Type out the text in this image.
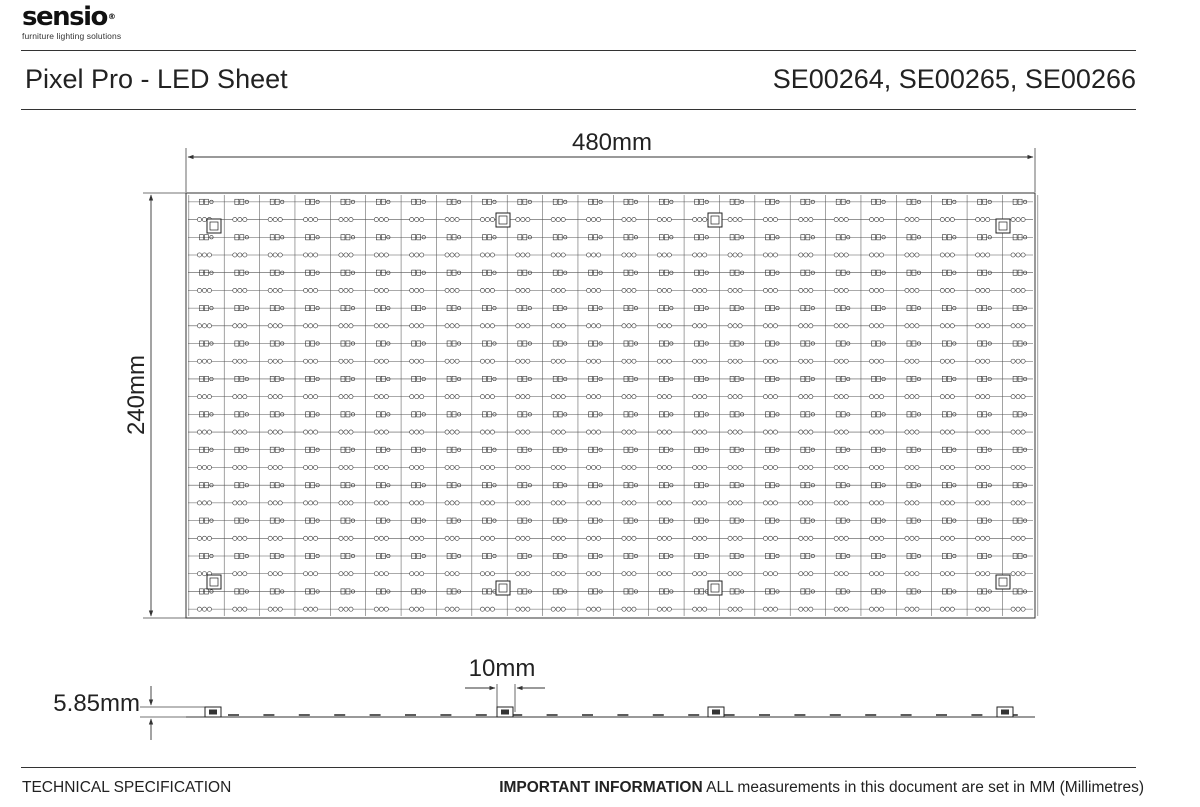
sensio®
furniture lighting solutions
Pixel Pro - LED Sheet	SE00264, SE00265, SE00266
480mm
240mm
10mm
5.85mm
TECHNICAL SPECIFICATION	IMPORTANT INFORMATION ALL measurements in this document are set in MM (Millimetres)
